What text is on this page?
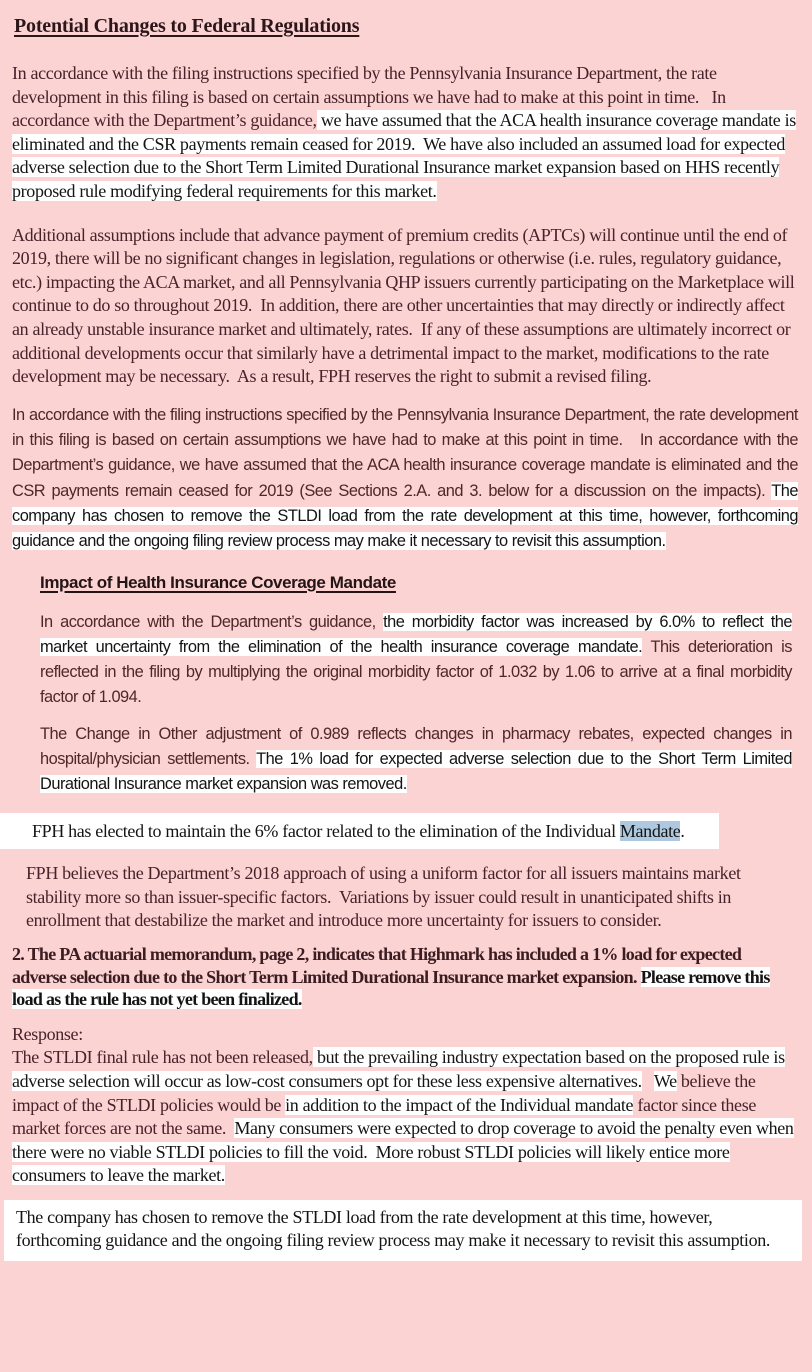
Potential Changes to Federal Regulations

In accordance with the filing instructions specified by the Pennsylvania Insurance Department, the rate development in this filing is based on certain assumptions we have had to make at this point in time.   In accordance with the Department’s guidance, we have assumed that the ACA health insurance coverage mandate is eliminated and the CSR payments remain ceased for 2019.  We have also included an assumed load for expected adverse selection due to the Short Term Limited Durational Insurance market expansion based on HHS recently proposed rule modifying federal requirements for this market.

Additional assumptions include that advance payment of premium credits (APTCs) will continue until the end of 2019, there will be no significant changes in legislation, regulations or otherwise (i.e. rules, regulatory guidance, etc.) impacting the ACA market, and all Pennsylvania QHP issuers currently participating on the Marketplace will continue to do so throughout 2019.  In addition, there are other uncertainties that may directly or indirectly affect an already unstable insurance market and ultimately, rates.  If any of these assumptions are ultimately incorrect or additional developments occur that similarly have a detrimental impact to the market, modifications to the rate development may be necessary.  As a result, FPH reserves the right to submit a revised filing.

In accordance with the filing instructions specified by the Pennsylvania Insurance Department, the rate development in this filing is based on certain assumptions we have had to make at this point in time.   In accordance with the Department’s guidance, we have assumed that the ACA health insurance coverage mandate is eliminated and the CSR payments remain ceased for 2019 (See Sections 2.A. and 3. below for a discussion on the impacts). The company has chosen to remove the STLDI load from the rate development at this time, however, forthcoming guidance and the ongoing filing review process may make it necessary to revisit this assumption.

Impact of Health Insurance Coverage Mandate

In accordance with the Department’s guidance, the morbidity factor was increased by 6.0% to reflect the market uncertainty from the elimination of the health insurance coverage mandate. This deterioration is reflected in the filing by multiplying the original morbidity factor of 1.032 by 1.06 to arrive at a final morbidity factor of 1.094.

The Change in Other adjustment of 0.989 reflects changes in pharmacy rebates, expected changes in hospital/physician settlements. The 1% load for expected adverse selection due to the Short Term Limited Durational Insurance market expansion was removed.

FPH has elected to maintain the 6% factor related to the elimination of the Individual Mandate.

FPH believes the Department’s 2018 approach of using a uniform factor for all issuers maintains market stability more so than issuer-specific factors.  Variations by issuer could result in unanticipated shifts in enrollment that destabilize the market and introduce more uncertainty for issuers to consider.

2. The PA actuarial memorandum, page 2, indicates that Highmark has included a 1% load for expected adverse selection due to the Short Term Limited Durational Insurance market expansion. Please remove this load as the rule has not yet been finalized.

Response:

The STLDI final rule has not been released, but the prevailing industry expectation based on the proposed rule is adverse selection will occur as low-cost consumers opt for these less expensive alternatives. We believe the impact of the STLDI policies would be in addition to the impact of the Individual mandate factor since these market forces are not the same.  Many consumers were expected to drop coverage to avoid the penalty even when there were no viable STLDI policies to fill the void.  More robust STLDI policies will likely entice more consumers to leave the market.

The company has chosen to remove the STLDI load from the rate development at this time, however, forthcoming guidance and the ongoing filing review process may make it necessary to revisit this assumption.
